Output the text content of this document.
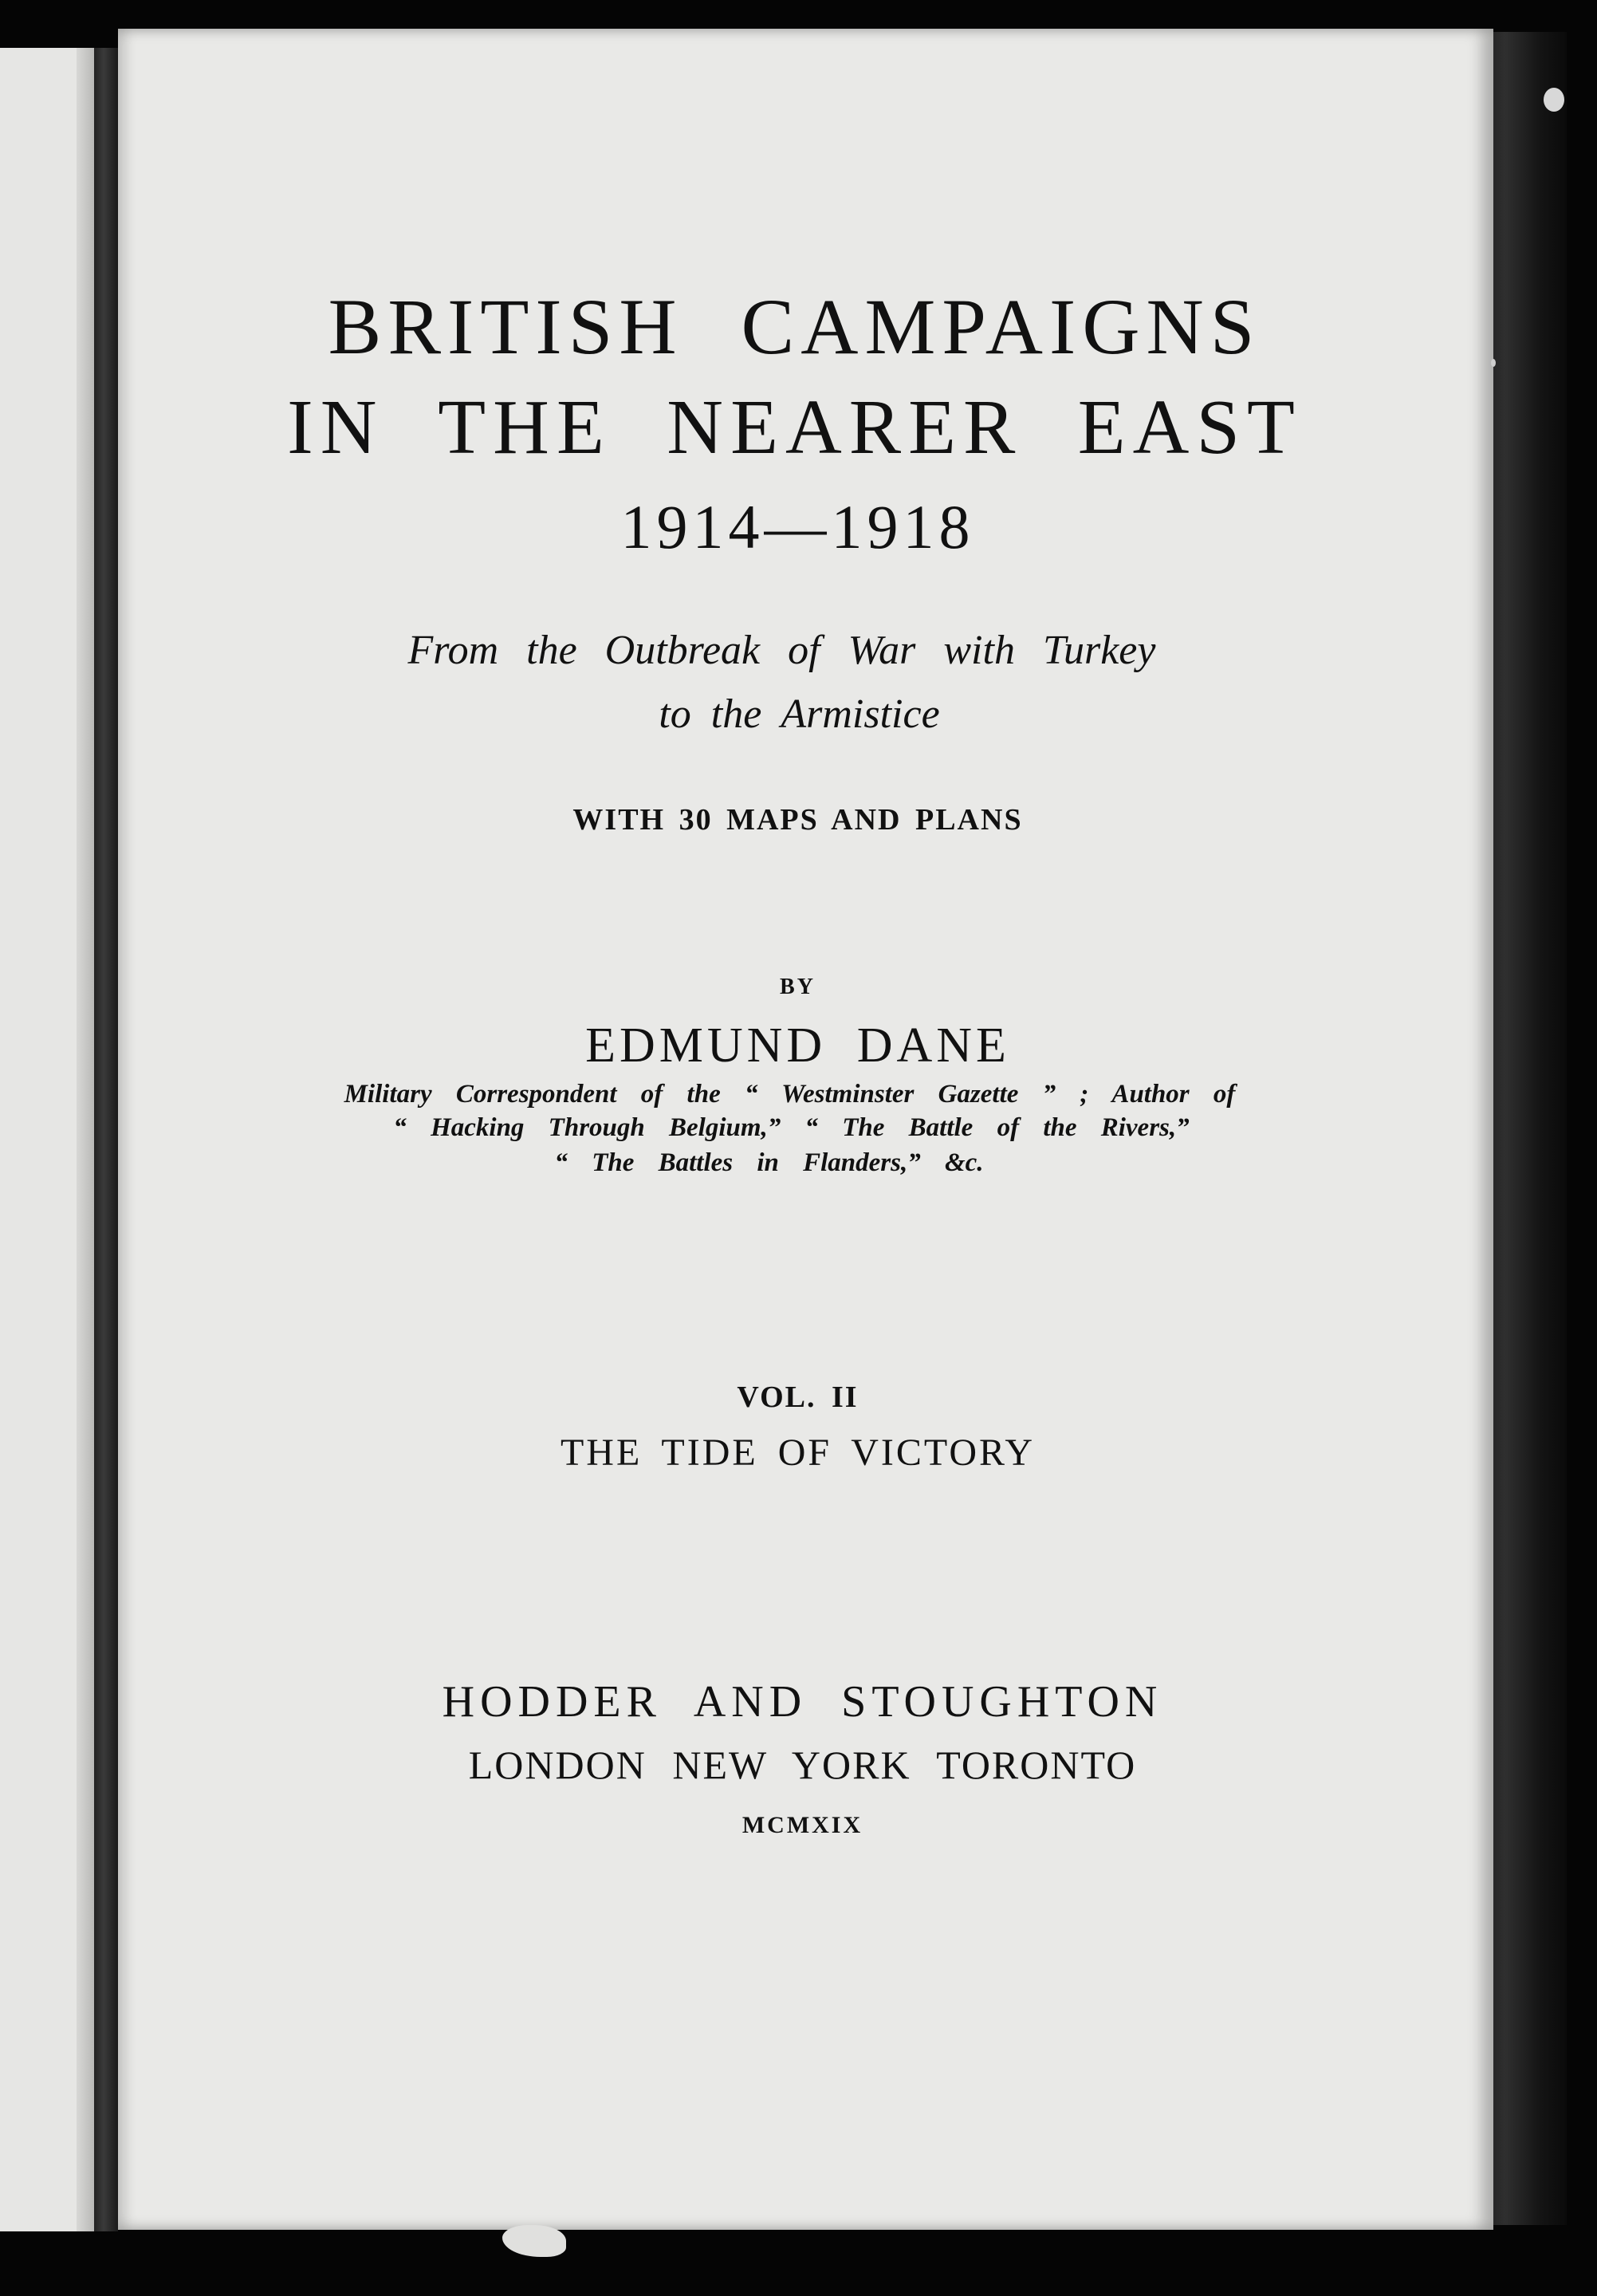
BRITISH CAMPAIGNS
IN THE NEARER EAST
1914—1918
From the Outbreak of War with Turkey
to the Armistice
WITH 30 MAPS AND PLANS
BY
EDMUND DANE
Military Correspondent of the “ Westminster Gazette ” ; Author of
“ Hacking Through Belgium,” “ The Battle of the Rivers,”
“ The Battles in Flanders,” &c.
VOL. II
THE TIDE OF VICTORY
HODDER AND STOUGHTON
LONDON NEW YORK TORONTO
MCMXIX
